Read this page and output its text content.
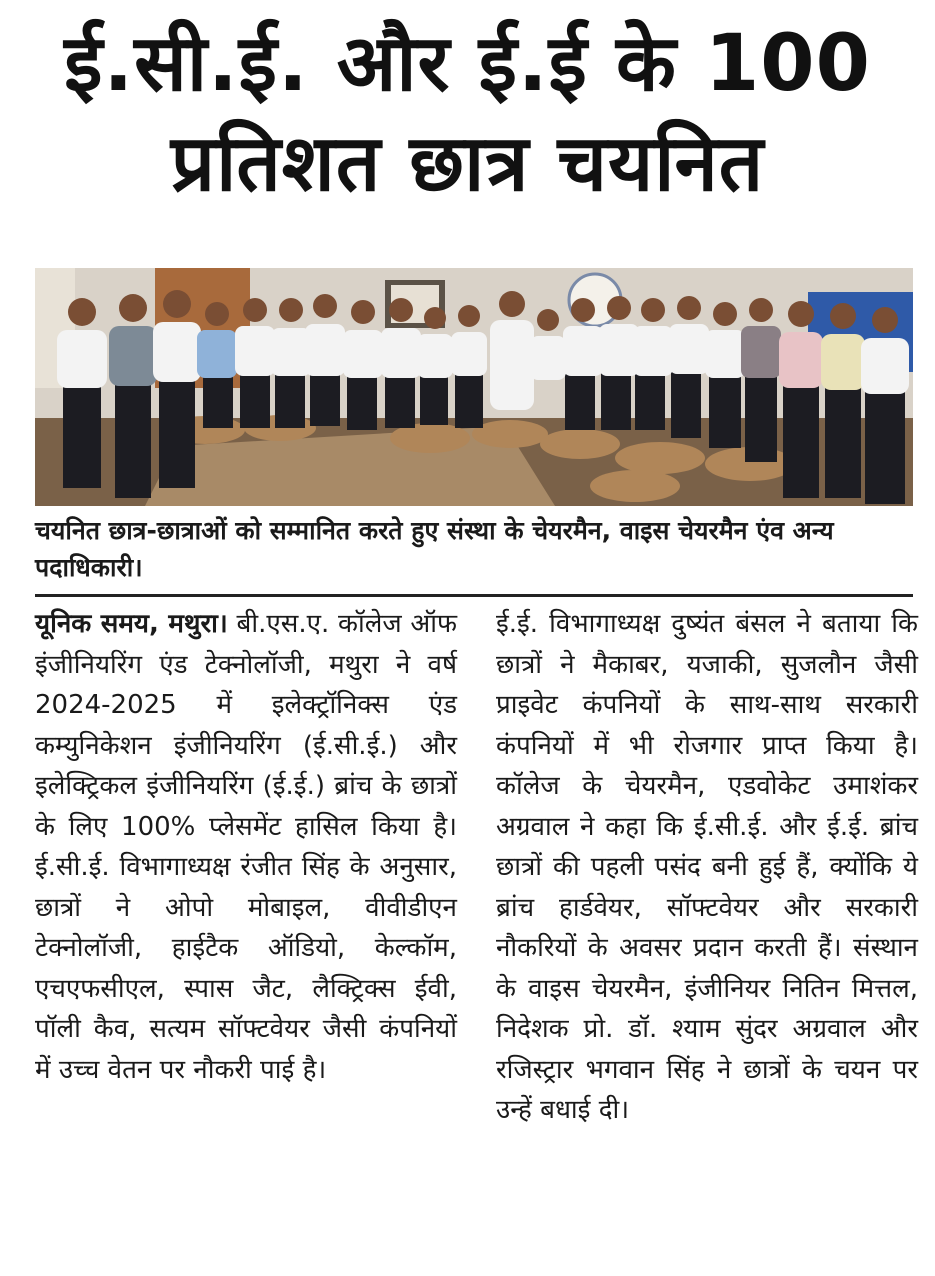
ई.सी.ई. और ई.ई के 100
प्रतिशत छात्र चयनित
चयनित छात्र-छात्राओं को सम्मानित करते हुए संस्था के चेयरमैन, वाइस चेयरमैन एंव अन्य पदाधिकारी।
यूनिक समय, मथुरा। बी.एस.ए. कॉलेज ऑफ इंजीनियरिंग एंड टेक्नोलॉजी, मथुरा ने वर्ष 2024-2025 में इलेक्ट्रॉनिक्स एंड कम्युनिकेशन इंजीनियरिंग (ई.सी.ई.) और इलेक्ट्रिकल इंजीनियरिंग (ई.ई.) ब्रांच के छात्रों के लिए 100% प्लेसमेंट हासिल किया है। ई.सी.ई. विभागाध्यक्ष रंजीत सिंह के अनुसार, छात्रों ने ओपो मोबाइल, वीवीडीएन टेक्नोलॉजी, हाईटैक ऑडियो, केल्कॉम, एचएफसीएल, स्पास जैट, लैक्ट्रिक्स ईवी, पॉली कैव, सत्यम सॉफ्टवेयर जैसी कंपनियों में उच्च वेतन पर नौकरी पाई है।
ई.ई. विभागाध्यक्ष दुष्यंत बंसल ने बताया कि छात्रों ने मैकाबर, यजाकी, सुजलौन जैसी प्राइवेट कंपनियों के साथ-साथ सरकारी कंपनियों में भी रोजगार प्राप्त किया है। कॉलेज के चेयरमैन, एडवोकेट उमाशंकर अग्रवाल ने कहा कि ई.सी.ई. और ई.ई. ब्रांच छात्रों की पहली पसंद बनी हुई हैं, क्योंकि ये ब्रांच हार्डवेयर, सॉफ्टवेयर और सरकारी नौकरियों के अवसर प्रदान करती हैं। संस्थान के वाइस चेयरमैन, इंजीनियर नितिन मित्तल, निदेशक प्रो. डॉ. श्याम सुंदर अग्रवाल और रजिस्ट्रार भगवान सिंह ने छात्रों के चयन पर उन्हें बधाई दी।
